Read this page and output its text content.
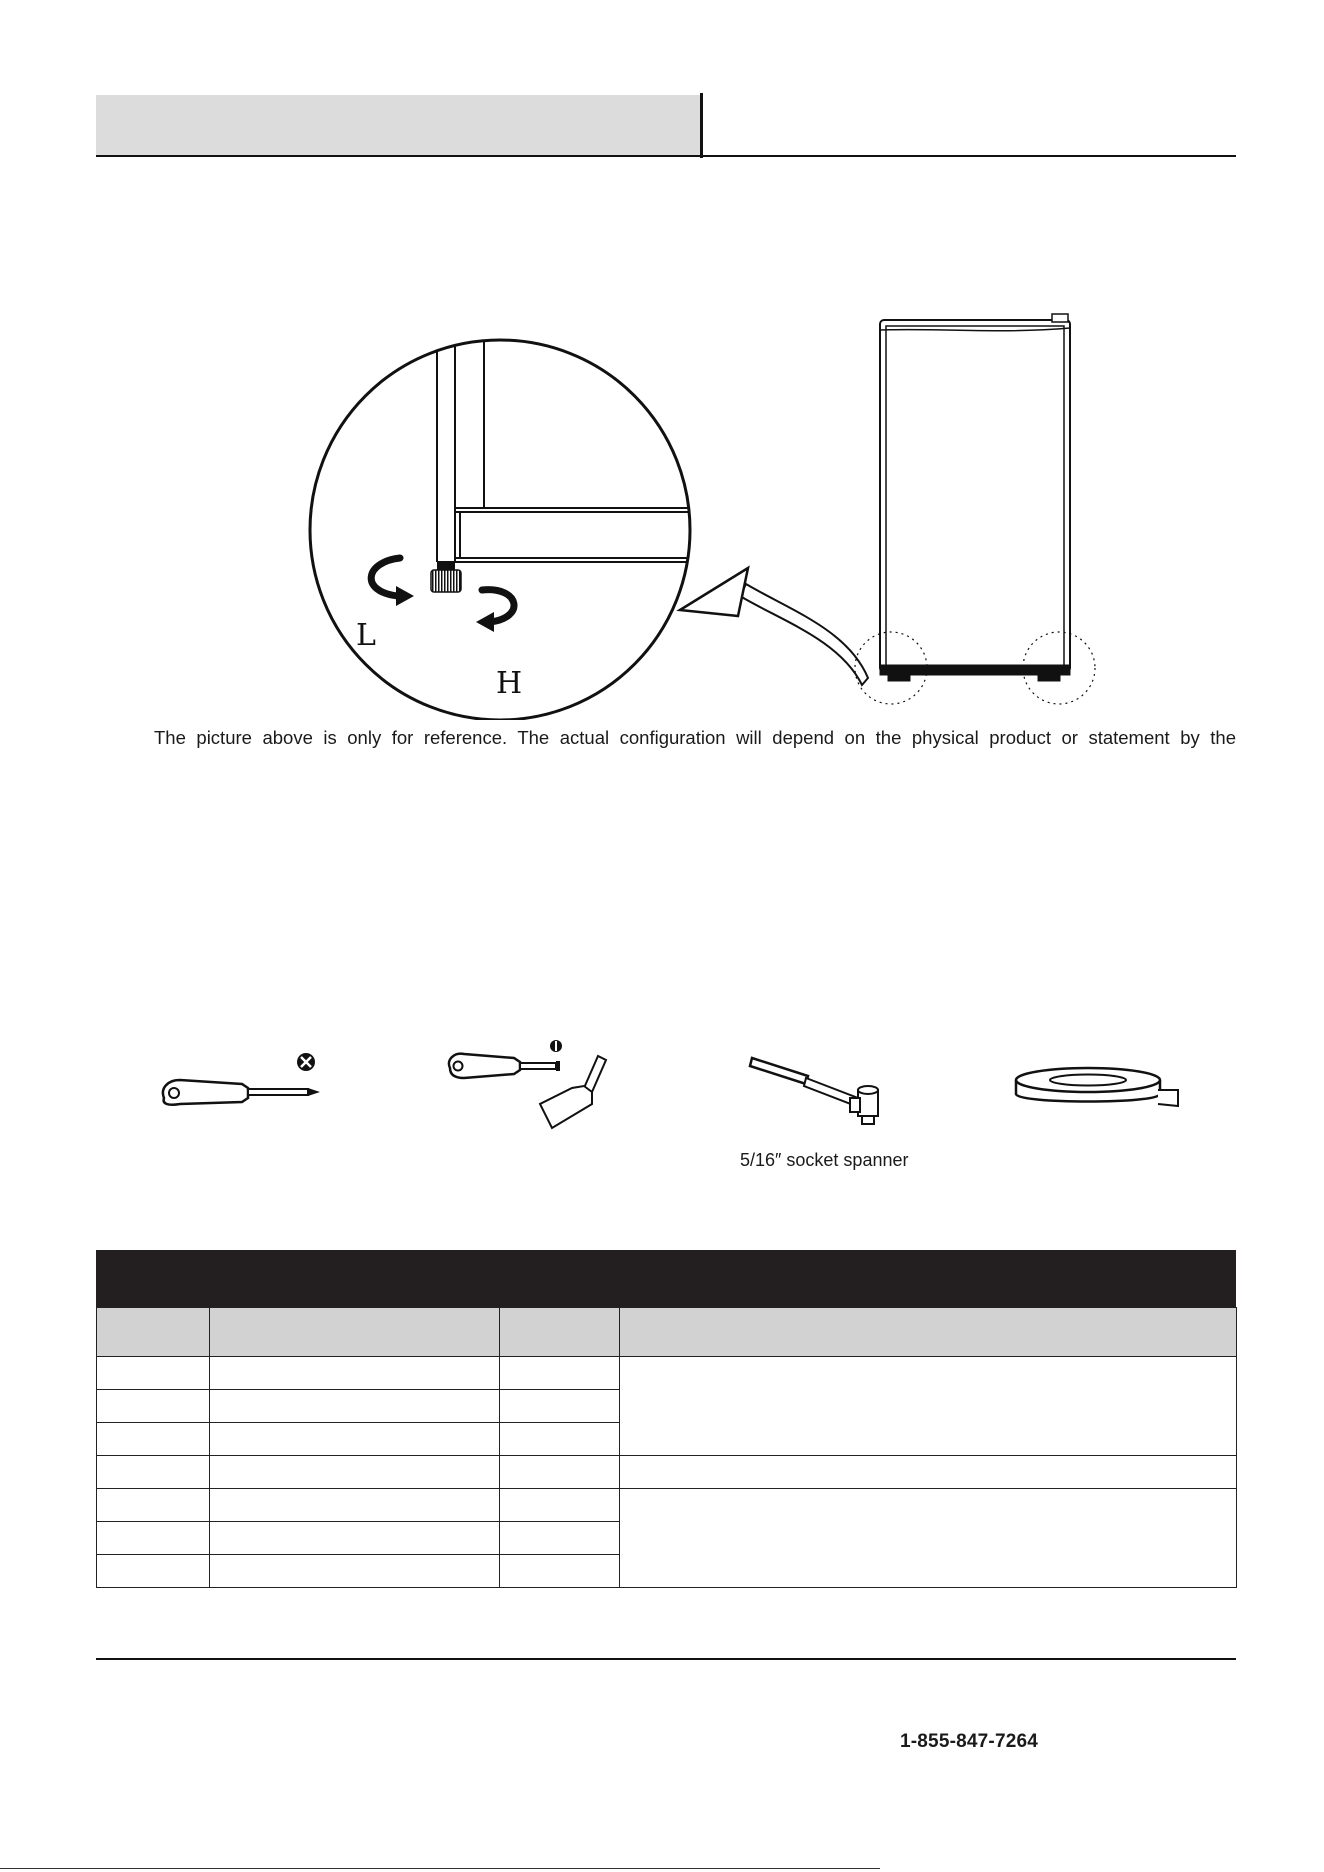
L
H
The picture above is only for reference. The actual configuration will depend on the physical product or statement by the
5/16″ socket spanner

1-855-847-7264
